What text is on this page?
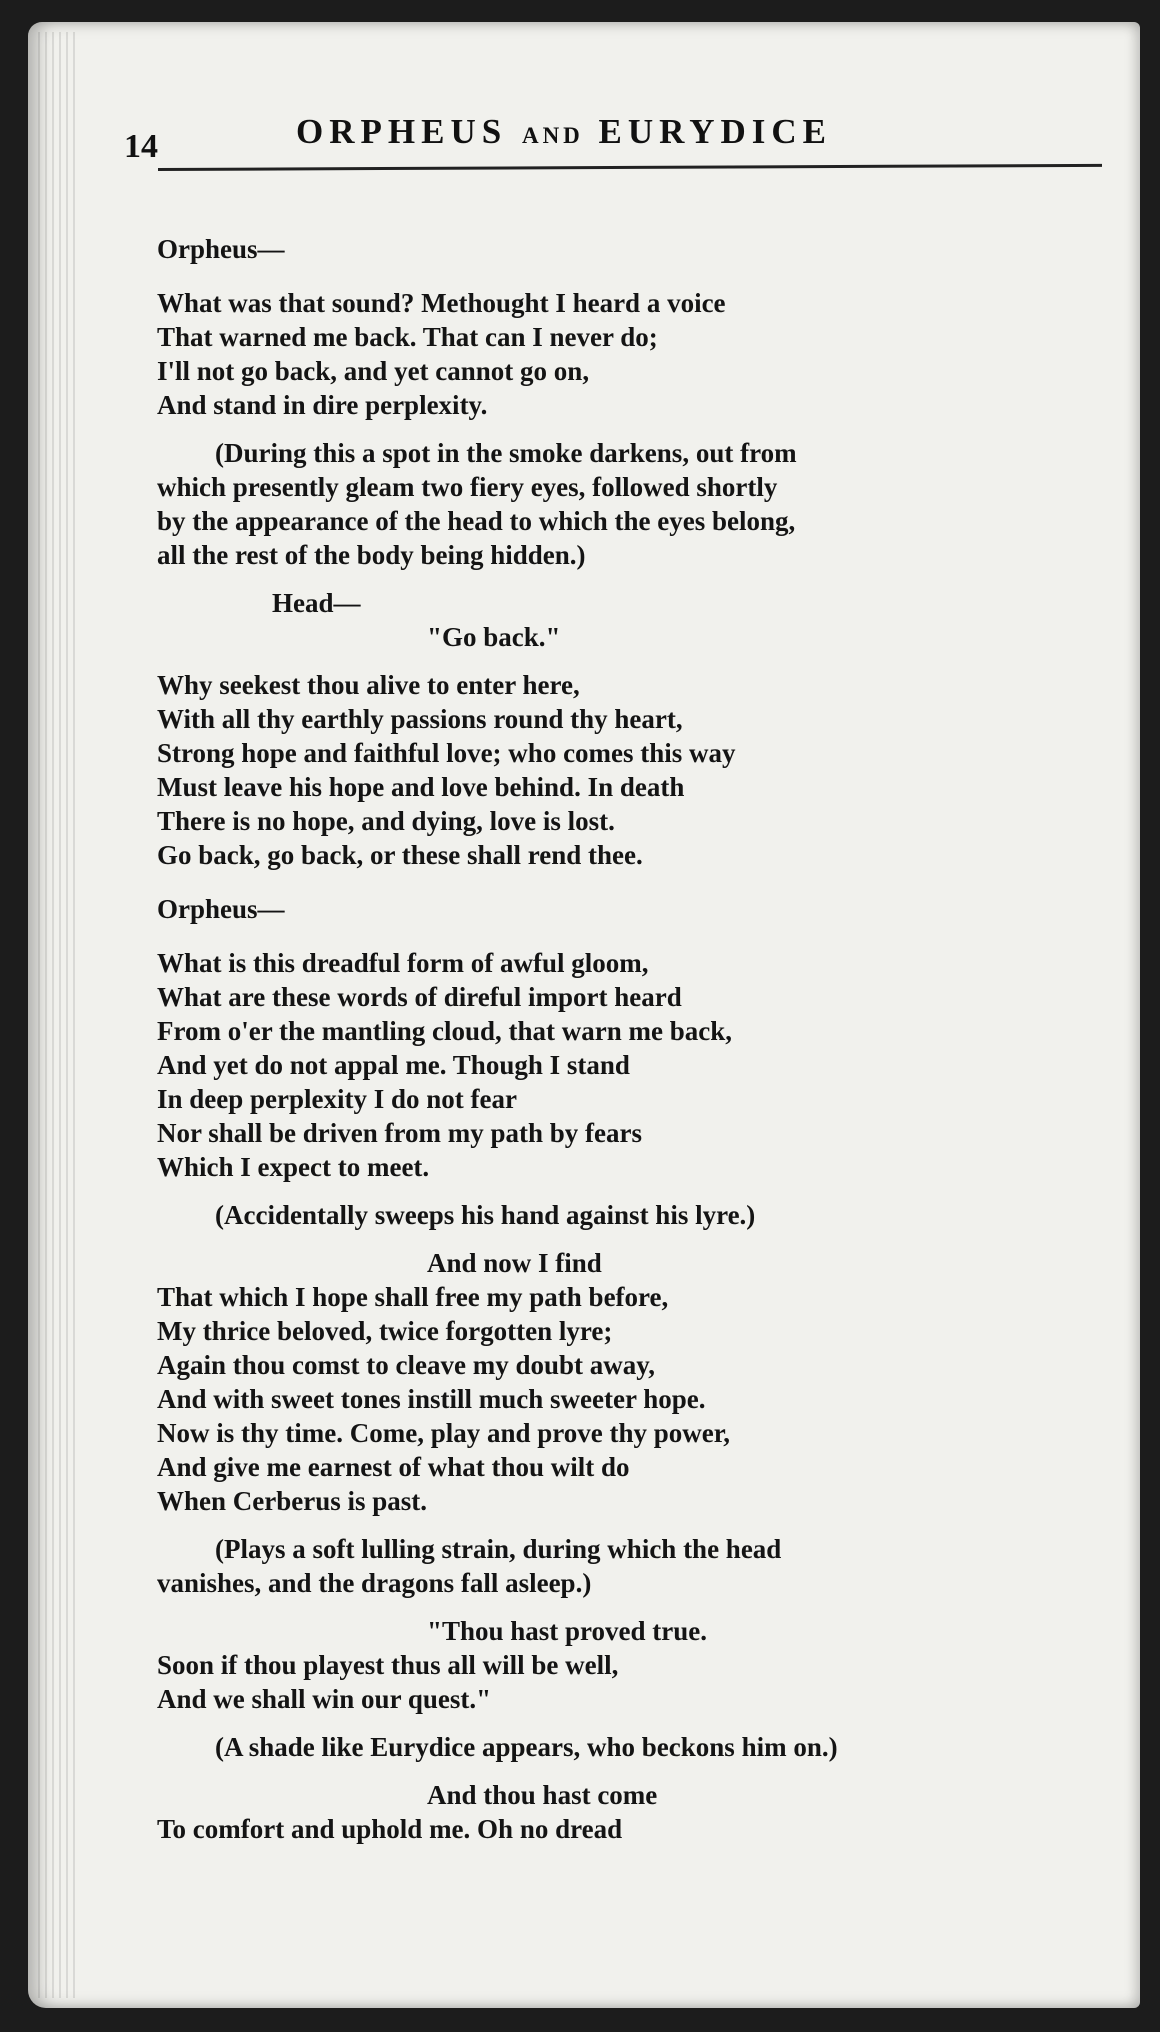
14	ORPHEUS AND EURYDICE
Orpheus—
What was that sound? Methought I heard a voice
That warned me back. That can I never do;
I'll not go back, and yet cannot go on,
And stand in dire perplexity.
(During this a spot in the smoke darkens, out from
which presently gleam two fiery eyes, followed shortly
by the appearance of the head to which the eyes belong,
all the rest of the body being hidden.)
Head—
"Go back."
Why seekest thou alive to enter here,
With all thy earthly passions round thy heart,
Strong hope and faithful love; who comes this way
Must leave his hope and love behind. In death
There is no hope, and dying, love is lost.
Go back, go back, or these shall rend thee.
Orpheus—
What is this dreadful form of awful gloom,
What are these words of direful import heard
From o'er the mantling cloud, that warn me back,
And yet do not appal me. Though I stand
In deep perplexity I do not fear
Nor shall be driven from my path by fears
Which I expect to meet.
(Accidentally sweeps his hand against his lyre.)
And now I find
That which I hope shall free my path before,
My thrice beloved, twice forgotten lyre;
Again thou comst to cleave my doubt away,
And with sweet tones instill much sweeter hope.
Now is thy time. Come, play and prove thy power,
And give me earnest of what thou wilt do
When Cerberus is past.
(Plays a soft lulling strain, during which the head
vanishes, and the dragons fall asleep.)
"Thou hast proved true.
Soon if thou playest thus all will be well,
And we shall win our quest."
(A shade like Eurydice appears, who beckons him on.)
And thou hast come
To comfort and uphold me. Oh no dread
